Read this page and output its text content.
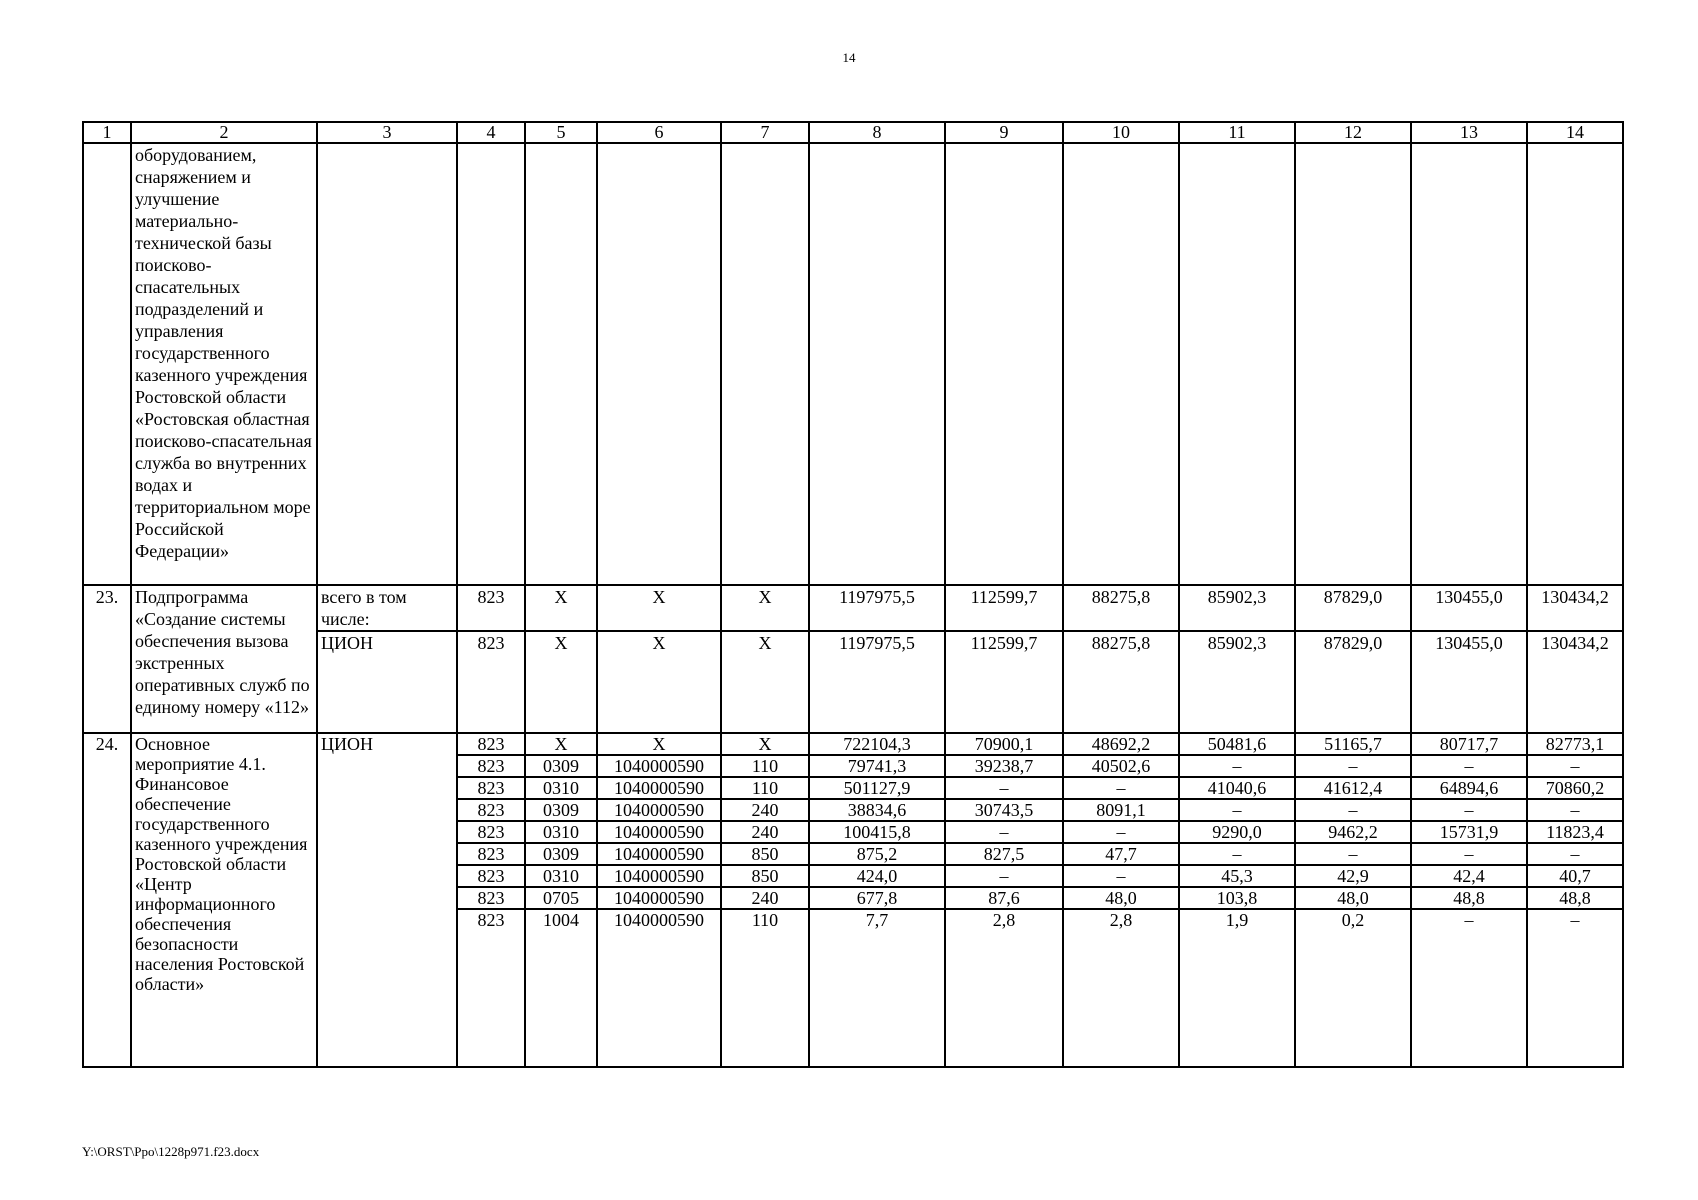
14
1	2	3	4	5	6	7	8	9	10	11	12	13	14
	оборудованием, снаряжением и улучшение материально-технической базы поисково-спасательных подразделений и управления государственного казенного учреждения Ростовской области «Ростовская областная поисково-спасательная служба во внутренних водах и территориальном море Российской Федерации»												
23.	Подпрограмма «Создание системы обеспечения вызова экстренных оперативных служб по единому номеру «112»	всего в том числе:	823	Х	Х	Х	1197975,5	112599,7	88275,8	85902,3	87829,0	130455,0	130434,2
		ЦИОН	823	Х	Х	Х	1197975,5	112599,7	88275,8	85902,3	87829,0	130455,0	130434,2
24.	Основное мероприятие 4.1. Финансовое обеспечение государственного казенного учреждения Ростовской области «Центр информационного обеспечения безопасности населения Ростовской области»	ЦИОН	823	Х	Х	Х	722104,3	70900,1	48692,2	50481,6	51165,7	80717,7	82773,1
			823	0309	1040000590	110	79741,3	39238,7	40502,6	–	–	–	–
			823	0310	1040000590	110	501127,9	–	–	41040,6	41612,4	64894,6	70860,2
			823	0309	1040000590	240	38834,6	30743,5	8091,1	–	–	–	–
			823	0310	1040000590	240	100415,8	–	–	9290,0	9462,2	15731,9	11823,4
			823	0309	1040000590	850	875,2	827,5	47,7	–	–	–	–
			823	0310	1040000590	850	424,0	–	–	45,3	42,9	42,4	40,7
			823	0705	1040000590	240	677,8	87,6	48,0	103,8	48,0	48,8	48,8
			823	1004	1040000590	110	7,7	2,8	2,8	1,9	0,2	–	–
Y:\ORST\Ppo\1228p971.f23.docx
